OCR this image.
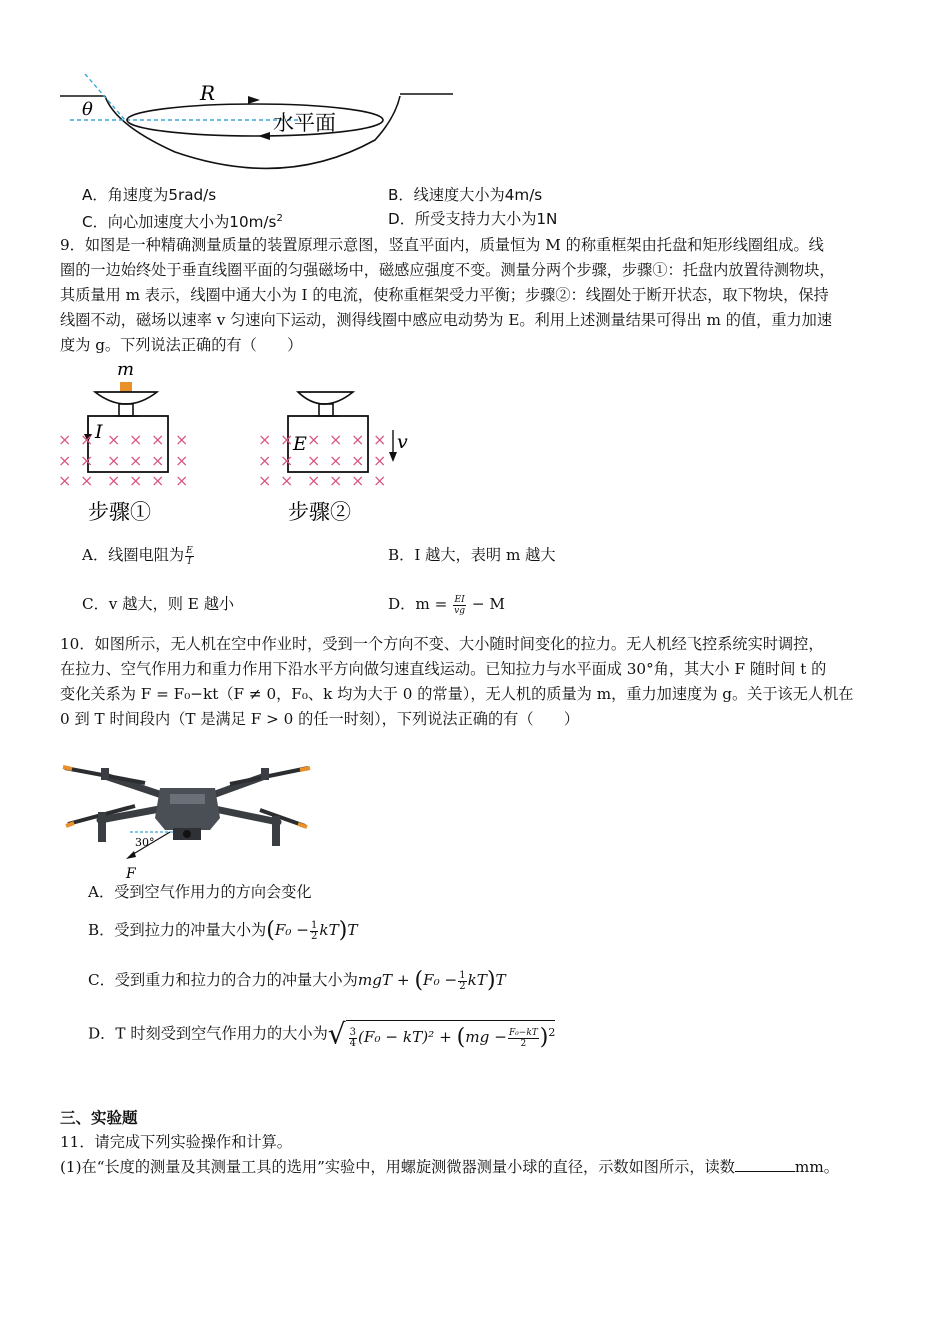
R
θ
水平面
A．角速度为5rad/s	B．线速度大小为4m/s
C．向心加速度大小为$10m/s^2$	D．所受支持力大小为1N
9．如图是一种精确测量质量的装置原理示意图，竖直平面内，质量恒为 M 的称重框架由托盘和矩形线圈组成。线
圈的一边始终处于垂直线圈平面的匀强磁场中，磁感应强度不变。测量分两个步骤，步骤①：托盘内放置待测物块，
其质量用 m 表示，线圈中通大小为 I 的电流，使称重框架受力平衡；步骤②：线圈处于断开状态，取下物块，保持
线圈不动，磁场以速率 v 匀速向下运动，测得线圈中感应电动势为 E。利用上述测量结果可得出 m 的值，重力加速
度为 g。下列说法正确的有（　　）
m
I
× × × × × ×
× × × × × ×
× × × × × ×
步骤①
E	v
× × × × × ×
× × × × × ×
× × × × × ×
步骤②
A．线圈电阻为 $\frac{E}{I}$	B．I 越大，表明 m 越大
C．v 越大，则 E 越小	D．$m = \frac{EI}{vg} - M$
10．如图所示，无人机在空中作业时，受到一个方向不变、大小随时间变化的拉力。无人机经飞控系统实时调控，
在拉力、空气作用力和重力作用下沿水平方向做匀速直线运动。已知拉力与水平面成 30°角，其大小 F 随时间 t 的
变化关系为 F = F₀−kt（F ≠ 0，F₀、k 均为大于 0 的常量），无人机的质量为 m，重力加速度为 g。关于该无人机在
0 到 T 时间段内（T 是满足 F > 0 的任一时刻），下列说法正确的有（　　）
30°
F
A．受到空气作用力的方向会变化
B．受到拉力的冲量大小为$(F_0 - \frac{1}{2} kT)T$
C．受到重力和拉力的合力的冲量大小为mgT + $(F_0 - \frac{1}{2} kT)T$
D．T 时刻受到空气作用力的大小为√ $\frac{3}{4} (F_0 - kT)^2 + (mg - \frac{\text{F₀−kT}}{2} )^2$
三、实验题
11．请完成下列实验操作和计算。
(1)在“长度的测量及其测量工具的选用”实验中，用螺旋测微器测量小球的直径，示数如图所示，读数	mm。
